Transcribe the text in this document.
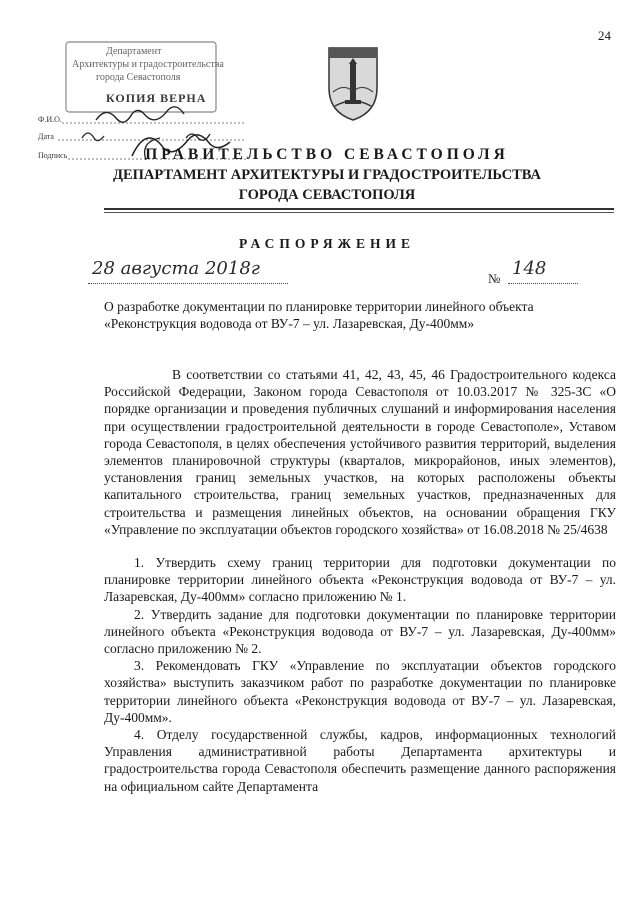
24
Департамент
Архитектуры и градостроительства
города Севастополя
КОПИЯ ВЕРНА
Ф.И.О.
Дата
Подпись	ПРАВИТЕЛЬСТВО СЕВАСТОПОЛЯ
ДЕПАРТАМЕНТ АРХИТЕКТУРЫ И ГРАДОСТРОИТЕЛЬСТВА
ГОРОДА СЕВАСТОПОЛЯ
РАСПОРЯЖЕНИЕ
28 августа 2018г	№ 148
О разработке документации по планировке территории линейного объекта «Реконструкция водовода от ВУ-7 – ул. Лазаревская, Ду-400мм»

В соответствии со статьями 41, 42, 43, 45, 46 Градостроительного кодекса Российской Федерации, Законом города Севастополя от 10.03.2017 № 325-ЗС «О порядке организации и проведения публичных слушаний и информирования населения при осуществлении градостроительной деятельности в городе Севастополе», Уставом города Севастополя, в целях обеспечения устойчивого развития территорий, выделения элементов планировочной структуры (кварталов, микрорайонов, иных элементов), установления границ земельных участков, на которых расположены объекты капитального строительства, границ земельных участков, предназначенных для строительства и размещения линейных объектов, на основании обращения ГКУ «Управление по эксплуатации объектов городского хозяйства» от 16.08.2018 № 25/4638

1. Утвердить схему границ территории для подготовки документации по планировке территории линейного объекта «Реконструкция водовода от ВУ-7 – ул. Лазаревская, Ду-400мм» согласно приложению № 1.

2. Утвердить задание для подготовки документации по планировке территории линейного объекта «Реконструкция водовода от ВУ-7 – ул. Лазаревская, Ду-400мм» согласно приложению № 2.

3. Рекомендовать ГКУ «Управление по эксплуатации объектов городского хозяйства» выступить заказчиком работ по разработке документации по планировке территории линейного объекта «Реконструкция водовода от ВУ-7 – ул. Лазаревская, Ду-400мм».

4. Отделу государственной службы, кадров, информационных технологий Управления административной работы Департамента архитектуры и градостроительства города Севастополя обеспечить размещение данного распоряжения на официальном сайте Департамента
